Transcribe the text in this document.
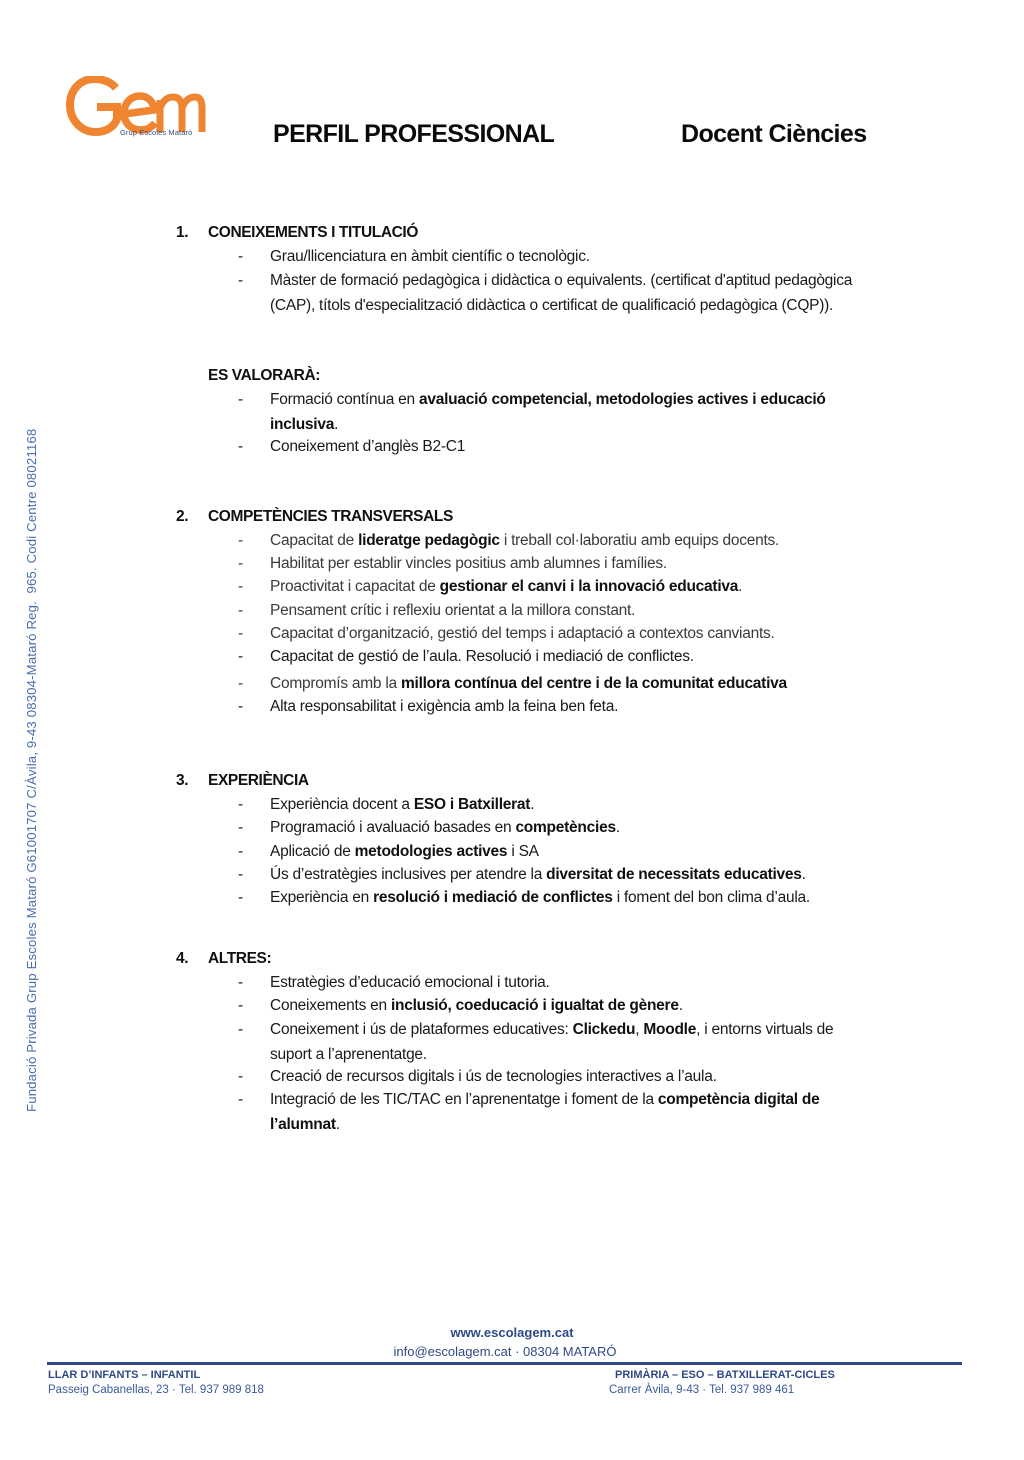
Grup Escoles Mataró	PERFIL PROFESSIONAL	Docent Ciències
Fundació Privada Grup Escoles Mataró G61001707 C/Àvila, 9-43 08304-Mataró Reg.  965. Codi Centre 08021168
1. CONEIXEMENTS I TITULACIÓ
-	Grau/llicenciatura en àmbit científic o tecnològic.
-	Màster de formació pedagògica i didàctica o equivalents. (certificat d'aptitud pedagògica (CAP), títols d'especialització didàctica o certificat de qualificació pedagògica (CQP)).
ES VALORARÀ:
-	Formació contínua en avaluació competencial, metodologies actives i educació inclusiva.
-	Coneixement d’anglès B2-C1
2. COMPETÈNCIES TRANSVERSALS
-	Capacitat de lideratge pedagògic i treball col·laboratiu amb equips docents.
-	Habilitat per establir vincles positius amb alumnes i famílies.
-	Proactivitat i capacitat de gestionar el canvi i la innovació educativa.
-	Pensament crític i reflexiu orientat a la millora constant.
-	Capacitat d’organització, gestió del temps i adaptació a contextos canviants.
-	Capacitat de gestió de l’aula. Resolució i mediació de conflictes.
-	Compromís amb la millora contínua del centre i de la comunitat educativa
-	Alta responsabilitat i exigència amb la feina ben feta.
3. EXPERIÈNCIA
-	Experiència docent a ESO i Batxillerat.
-	Programació i avaluació basades en competències.
-	Aplicació de metodologies actives i SA
-	Ús d’estratègies inclusives per atendre la diversitat de necessitats educatives.
-	Experiència en resolució i mediació de conflictes i foment del bon clima d’aula.
4. ALTRES:
-	Estratègies d’educació emocional i tutoria.
-	Coneixements en inclusió, coeducació i igualtat de gènere.
-	Coneixement i ús de plataformes educatives: Clickedu, Moodle, i entorns virtuals de suport a l’aprenentatge.
-	Creació de recursos digitals i ús de tecnologies interactives a l’aula.
-	Integració de les TIC/TAC en l’aprenentatge i foment de la competència digital de l’alumnat.
www.escolagem.cat
info@escolagem.cat · 08304 MATARÓ
LLAR D’INFANTS – INFANTIL
Passeig Cabanellas, 23 · Tel. 937 989 818
PRIMÀRIA – ESO – BATXILLERAT-CICLES
Carrer Àvila, 9-43 · Tel. 937 989 461
